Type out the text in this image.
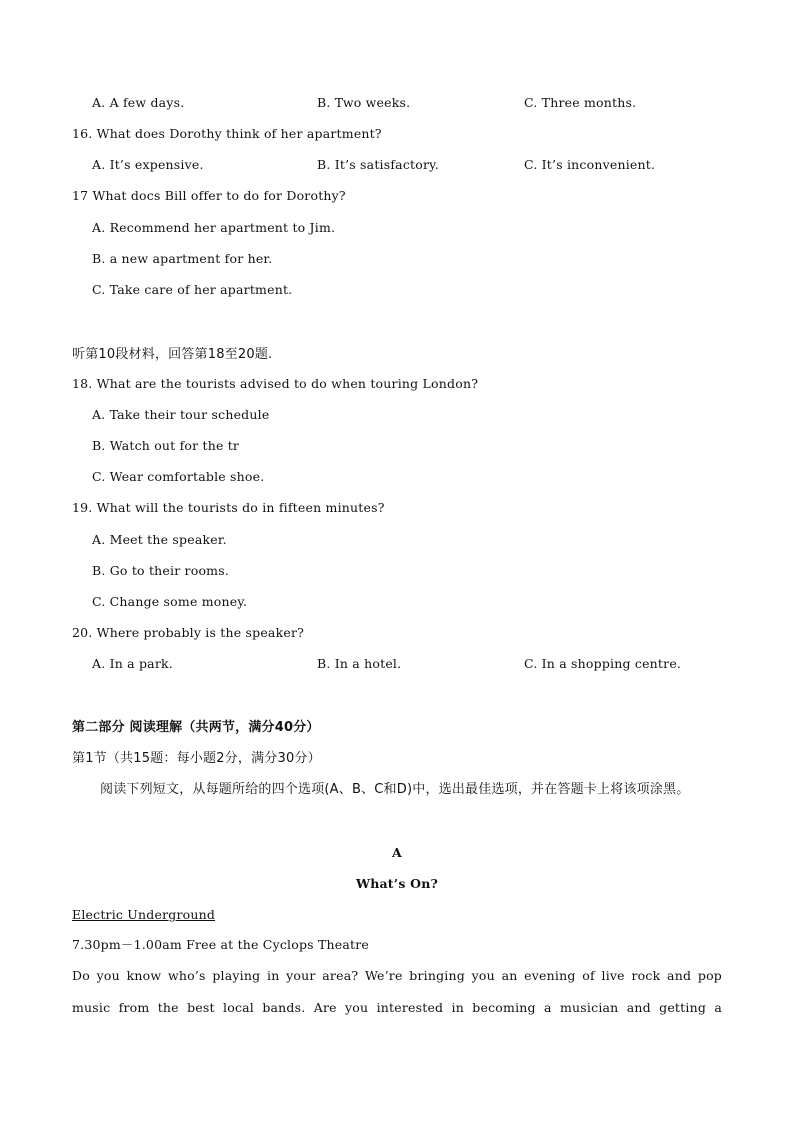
A. A few days.	B. Two weeks.	C. Three months.
16. What does Dorothy think of her apartment?
A. It’s expensive.	B. It’s satisfactory.	C. It’s inconvenient.
17 What docs Bill offer to do for Dorothy?
A. Recommend her apartment to Jim.
B. a new apartment for her.
C. Take care of her apartment.
听第10段材料，回答第18至20题.
18. What are the tourists advised to do when touring London?
A. Take their tour schedule
B. Watch out for the tr
C. Wear comfortable shoe.
19. What will the tourists do in fifteen minutes?
A. Meet the speaker.
B. Go to their rooms.
C. Change some money.
20. Where probably is the speaker?
A. In a park.	B. In a hotel.	C. In a shopping centre.
第二部分 阅读理解（共两节，满分40分）
第1节（共15题：每小题2分，满分30分）
阅读下列短文，从每题所给的四个选项(A、B、C和D)中，选出最佳选项，并在答题卡上将该项涂黑。
A
What’s On?
Electric Underground
7.30pm－1.00am Free at the Cyclops Theatre
Do you know who’s playing in your area? We’re bringing you an evening of live rock and pop
music from the best local bands. Are you interested in becoming a musician and getting a
